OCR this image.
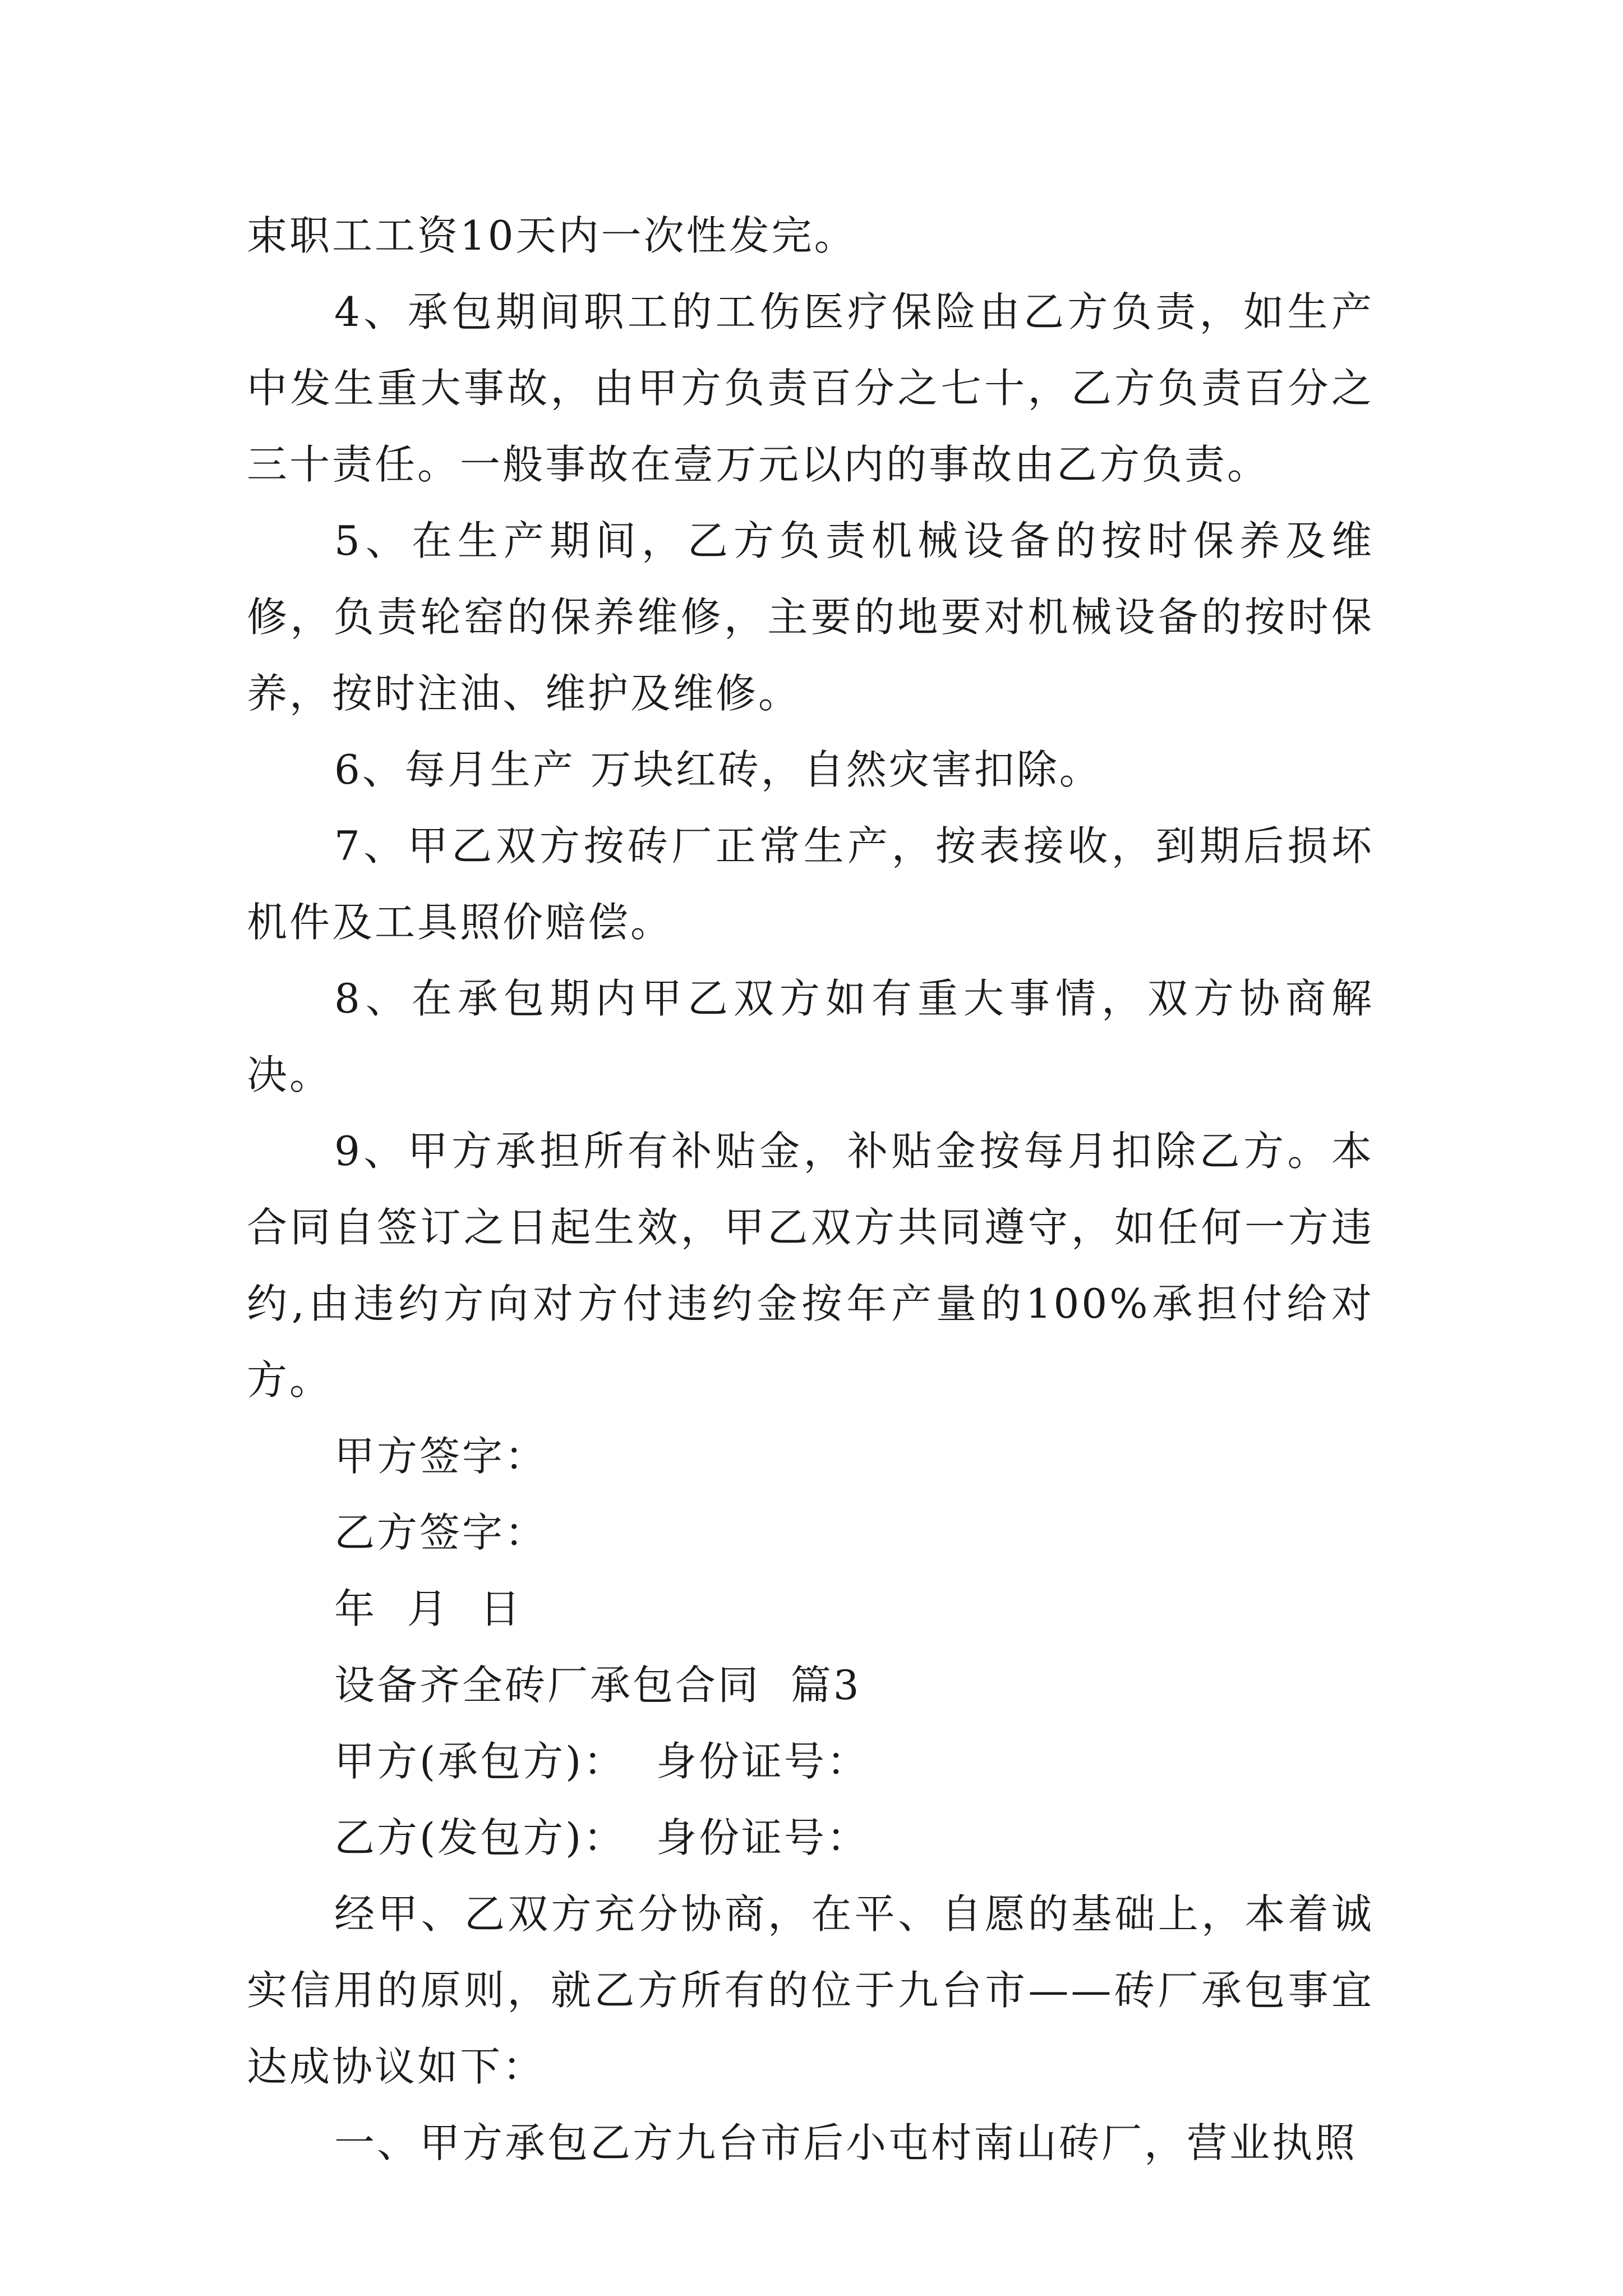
束职工工资10天内一次性发完。

4、承包期间职工的工伤医疗保险由乙方负责，如生产中发生重大事故，由甲方负责百分之七十，乙方负责百分之三十责任。一般事故在壹万元以内的事故由乙方负责。

5、在生产期间，乙方负责机械设备的按时保养及维修，负责轮窑的保养维修，主要的地要对机械设备的按时保养，按时注油、维护及维修。

6、每月生产 万块红砖，自然灾害扣除。

7、甲乙双方按砖厂正常生产，按表接收，到期后损坏机件及工具照价赔偿。

8、在承包期内甲乙双方如有重大事情，双方协商解决。

9、甲方承担所有补贴金，补贴金按每月扣除乙方。本合同自签订之日起生效，甲乙双方共同遵守，如任何一方违约,由违约方向对方付违约金按年产量的100%承担付给对方。

甲方签字：

乙方签字：

年  月  日

设备齐全砖厂承包合同  篇3

甲方(承包方)：  身份证号：

乙方(发包方)：  身份证号：

经甲、乙双方充分协商，在平、自愿的基础上，本着诚实信用的原则，就乙方所有的位于九台市——砖厂承包事宜达成协议如下：

一、甲方承包乙方九台市后小屯村南山砖厂，营业执照
